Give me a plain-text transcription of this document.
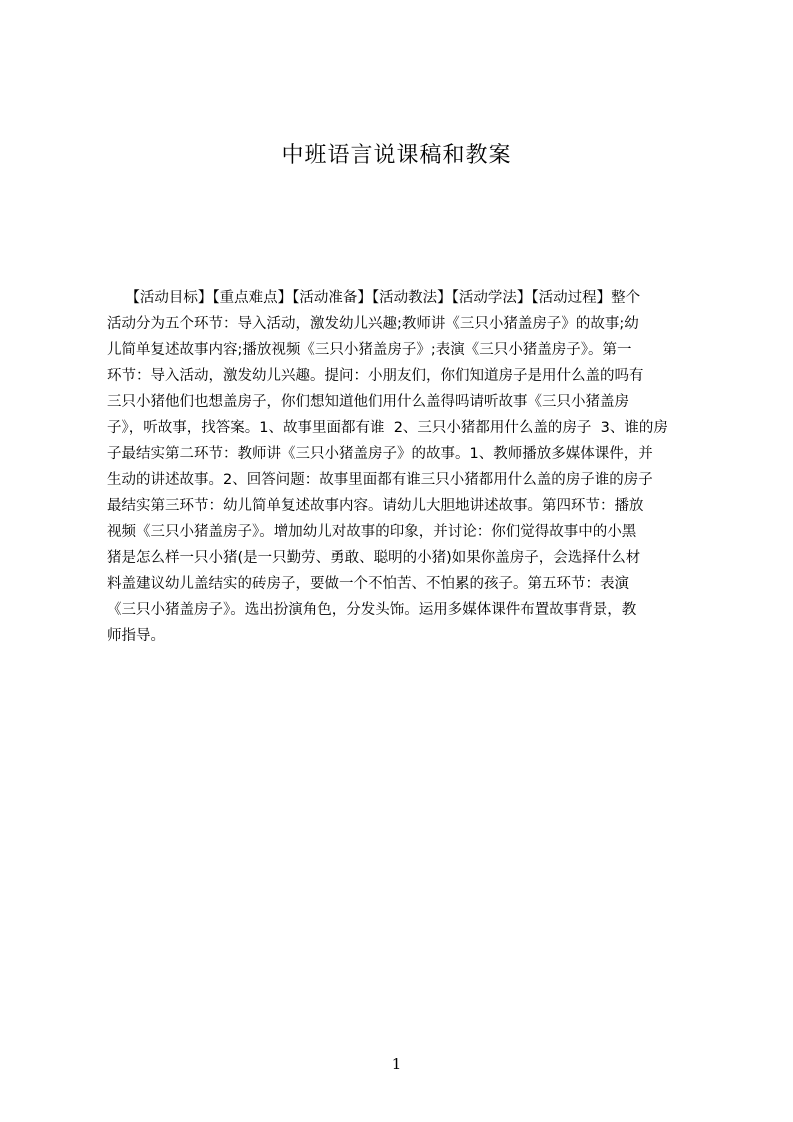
中班语言说课稿和教案
【活动目标】【重点难点】【活动准备】【活动教法】【活动学法】【活动过程】整个
活动分为五个环节：导入活动，激发幼儿兴趣;教师讲《三只小猪盖房子》的故事;幼
儿简单复述故事内容;播放视频《三只小猪盖房子》;表演《三只小猪盖房子》。第一
环节：导入活动，激发幼儿兴趣。提问：小朋友们，你们知道房子是用什么盖的吗有
三只小猪他们也想盖房子，你们想知道他们用什么盖得吗请听故事《三只小猪盖房
子》，听故事，找答案。1、故事里面都有谁  2、三只小猪都用什么盖的房子  3、谁的房
子最结实第二环节：教师讲《三只小猪盖房子》的故事。1、教师播放多媒体课件，并
生动的讲述故事。2、回答问题：故事里面都有谁三只小猪都用什么盖的房子谁的房子
最结实第三环节：幼儿简单复述故事内容。请幼儿大胆地讲述故事。第四环节：播放
视频《三只小猪盖房子》。增加幼儿对故事的印象，并讨论：你们觉得故事中的小黑
猪是怎么样一只小猪(是一只勤劳、勇敢、聪明的小猪)如果你盖房子，会选择什么材
料盖建议幼儿盖结实的砖房子，要做一个不怕苦、不怕累的孩子。第五环节：表演
《三只小猪盖房子》。选出扮演角色，分发头饰。运用多媒体课件布置故事背景，教
师指导。
1
